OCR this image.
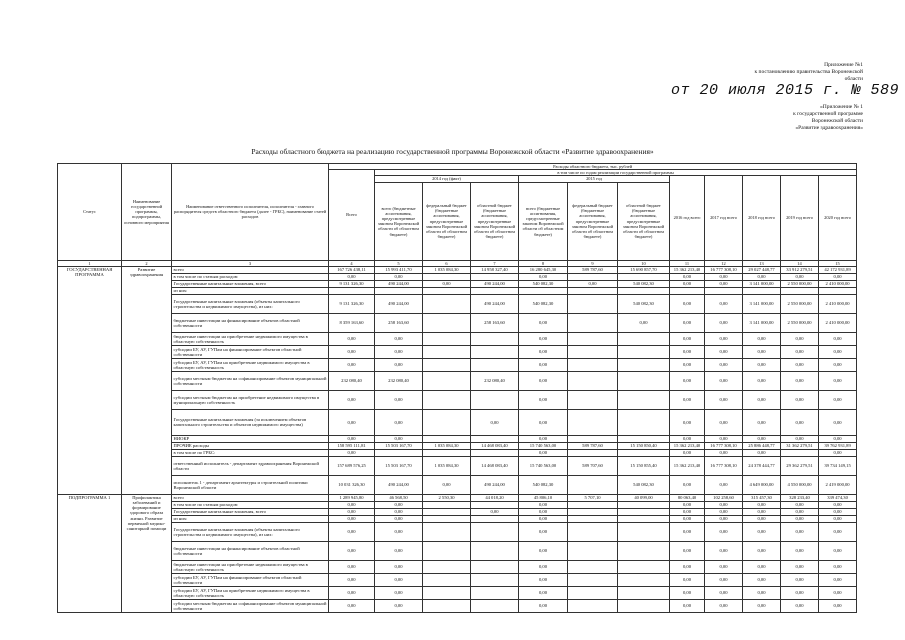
Приложение №1
к постановлению правительства Воронежской
области
от 20 июля 2015 г. № 589
«Приложение № 1
к государственной программе
Воронежской области
«Развитие здравоохранения»
Расходы областного бюджета на реализацию государственной программы Воронежской области «Развитие здравоохранения»
Статус	Наименование государственной программы, подпрограммы, основного мероприятия	Наименование ответственного исполнителя, исполнителя - главного распорядителя средств областного бюджета (далее - ГРБС), наименование статей расходов	Расходы областного бюджета, тыс. рублей											
			Всего	в том числе по годам реализации государственной программы										
				2014 год (факт)			2015 год			2016 год всего	2017 год всего	2018 год всего	2019 год всего	2020 год всего
				всего (бюджетные ассигнования, предусмотренные законом Воронежской области об областном бюджете)	федеральный бюджет (бюджетные ассигнования, предусмотренные законом Воронежской области об областном бюджете)	областной бюджет (бюджетные ассигнования, предусмотренные законом Воронежской области об областном бюджете)	всего (бюджетные ассигнования, предусмотренные законом Воронежской области об областном бюджете)	федеральный бюджет (бюджетные ассигнования, предусмотренные законом Воронежской области об областном бюджете)	областной бюджет (бюджетные ассигнования, предусмотренные законом Воронежской области об областном бюджете)					
1	2	3	4	5	6	7	8	9	10	11	12	13	14	15
ГОСУДАРСТВЕННАЯ ПРОГРАММА	Развитие здравоохранения	всего	167 726 438,11	15 993 411,70	1 035 084,30	14 958 327,40	16 280 645,30	589 787,60	15 690 857,70	15 362 213,40	16 777 308,10	29 027 448,77	33 912 279,51	42 172 931,89
		в том числе по статьям расходов:	0,00	0,00			0,00			0,00	0,00	0,00	0,00	0,00
		Государственные капитальные вложения, всего	9 131 326,30	490 244,00	0,00	490 244,00	540 082,30	0,00	540 082,30	0,00	0,00	3 141 000,00	2 550 000,00	2 410 000,00
		из них:												
		Государственные капитальные вложения (объекты капитального строительства и недвижимого имущества), из них:	9 131 326,30	490 244,00		490 244,00	540 082,30		540 082,30	0,00	0,00	3 141 000,00	2 550 000,00	2 410 000,00
		бюджетные инвестиции на финансирование объектов областной собственности	8 359 163,60	258 163,60		258 163,60	0,00		0,00	0,00	0,00	3 141 000,00	2 550 000,00	2 410 000,00
		бюджетные инвестиции на приобретение недвижимого имущества в областную собственность	0,00	0,00			0,00			0,00	0,00	0,00	0,00	0,00
		субсидии БУ, АУ, ГУПам на финансирование объектов областной собственности	0,00	0,00			0,00			0,00	0,00	0,00	0,00	0,00
		субсидии БУ, АУ, ГУПам на приобретение недвижимого имущества в областную собственность	0,00	0,00			0,00			0,00	0,00	0,00	0,00	0,00
		субсидии местным бюджетам на софинансирование объектов муниципальной собственности	232 080,40	232 080,40		232 080,40	0,00			0,00	0,00	0,00	0,00	0,00
		субсидии местным бюджетам на приобретение недвижимого имущества в муниципальную собственность	0,00	0,00			0,00			0,00	0,00	0,00	0,00	0,00
		Государственные капитальные вложения (за исключением объектов капитального строительства и объектов недвижимого имущества)	0,00	0,00		0,00	0,00			0,00	0,00	0,00	0,00	0,00
		НИОКР	0,00	0,00			0,00			0,00	0,00	0,00	0,00	0,00
		ПРОЧИЕ расходы	158 595 111,81	15 503 167,70	1 035 084,30	14 468 083,40	15 740 563,00	589 787,60	15 150 850,40	15 362 213,40	16 777 308,10	25 886 448,77	31 362 279,51	39 762 931,89
		в том числе по ГРБС:	0,00				0,00			0,00	0,00	0,00		0,00
		ответственный исполнитель - департамент здравоохранения Воронежской области	157 689 576,25	15 503 167,70	1 035 084,30	14 468 083,40	15 740 563,00	589 707,60	15 150 855,40	15 362 213,40	16 777 308,10	24 378 444,77	29 362 279,51	39 734 149,15
		исполнитель 1 - департамент архитектуры и строительной политики Воронежской области	10 031 326,30	490 244,00	0,00	490 244,00	540 082,30		540 082,30	0,00	0,00	4 649 000,00	4 550 000,00	2 419 000,00
ПОДПРОГРАММА 1	Профилактика заболеваний и формирование здорового образа жизни. Развитие первичной медико-санитарной помощи	всего	1 289 945,80	46 568,50	2 550,30	44 018,20	45 806,10	5 707,10	40 099,00	80 063,40	102 258,60	315 457,30	328 233,40	339 474,30
		в том числе по статьям расходов:	0,00	0,00			0,00			0,00	0,00	0,00	0,00	0,00
		Государственные капитальные вложения, всего	0,00	0,00		0,00	0,00			0,00	0,00	0,00	0,00	0,00
		из них:	0,00	0,00			0,00			0,00	0,00	0,00	0,00	0,00
		Государственные капитальные вложения (объекты капитального строительства и недвижимого имущества), из них:	0,00	0,00			0,00			0,00	0,00	0,00	0,00	0,00
		бюджетные инвестиции на финансирование объектов областной собственности	0,00	0,00			0,00			0,00	0,00	0,00	0,00	0,00
		бюджетные инвестиции на приобретение недвижимого имущества в областную собственность	0,00	0,00			0,00			0,00	0,00	0,00	0,00	0,00
		субсидии БУ, АУ, ГУПам на финансирование объектов областной собственности	0,00	0,00			0,00			0,00	0,00	0,00	0,00	0,00
		субсидии БУ, АУ, ГУПам на приобретение недвижимого имущества в областную собственность	0,00	0,00			0,00			0,00	0,00	0,00	0,00	0,00
		субсидии местным бюджетам на софинансирование объектов муниципальной собственности	0,00	0,00			0,00			0,00	0,00	0,00	0,00	0,00
